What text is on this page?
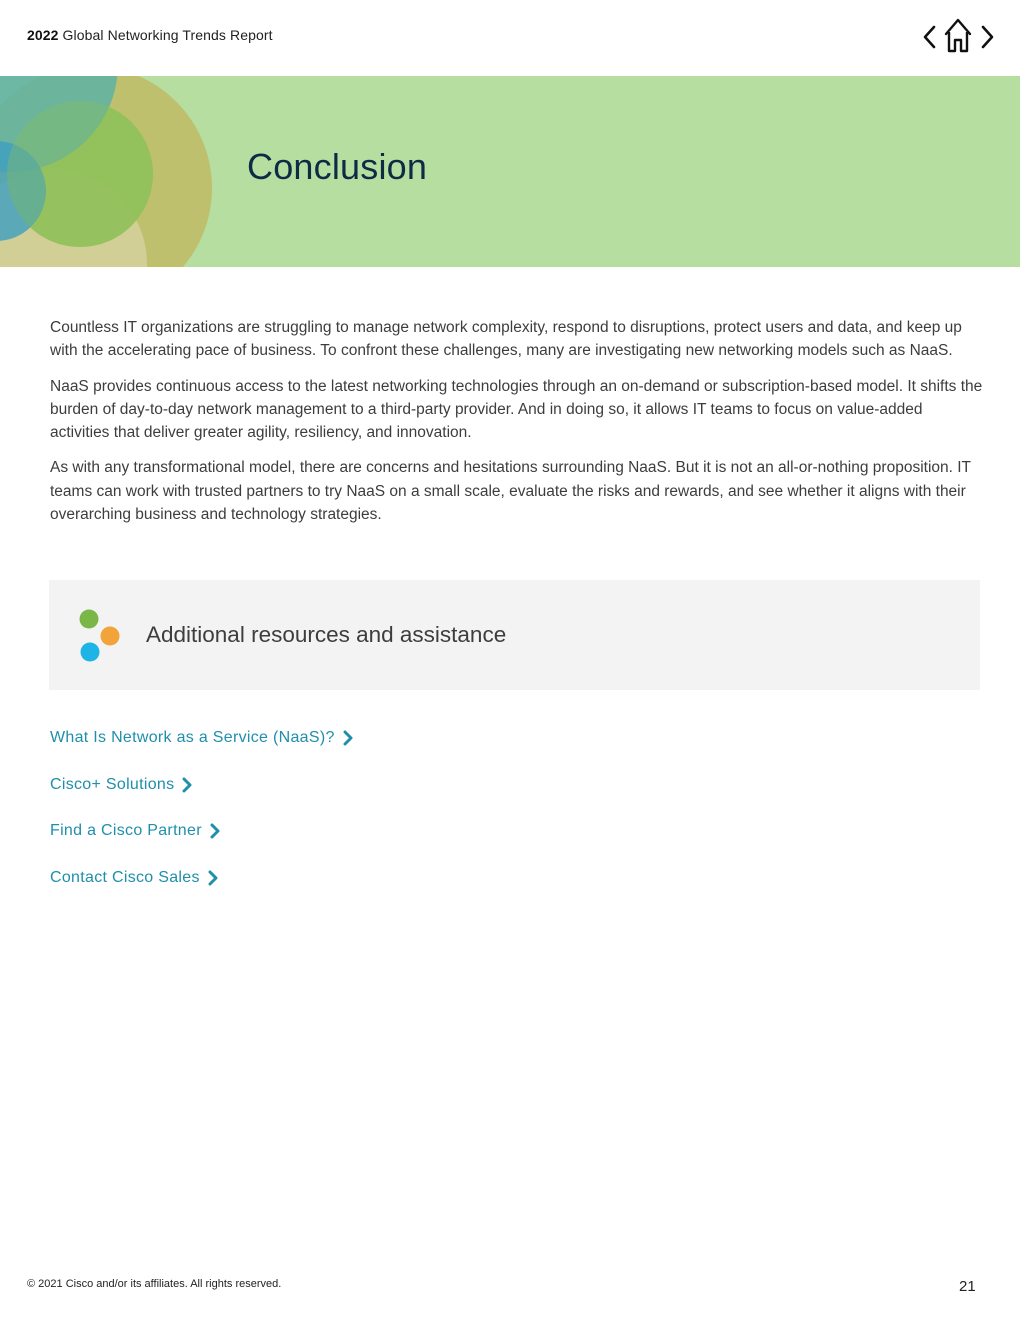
2022 Global Networking Trends Report
Conclusion

Countless IT organizations are struggling to manage network complexity, respond to disruptions, protect users and data, and keep up with the accelerating pace of business. To confront these challenges, many are investigating new networking models such as NaaS.

NaaS provides continuous access to the latest networking technologies through an on-demand or subscription-based model. It shifts the burden of day-to-day network management to a third-party provider. And in doing so, it allows IT teams to focus on value-added activities that deliver greater agility, resiliency, and innovation.

As with any transformational model, there are concerns and hesitations surrounding NaaS. But it is not an all-or-nothing proposition. IT teams can work with trusted partners to try NaaS on a small scale, evaluate the risks and rewards, and see whether it aligns with their overarching business and technology strategies.

Additional resources and assistance
What Is Network as a Service (NaaS)?
Cisco+ Solutions
Find a Cisco Partner
Contact Cisco Sales
© 2021 Cisco and/or its affiliates. All rights reserved.	21
